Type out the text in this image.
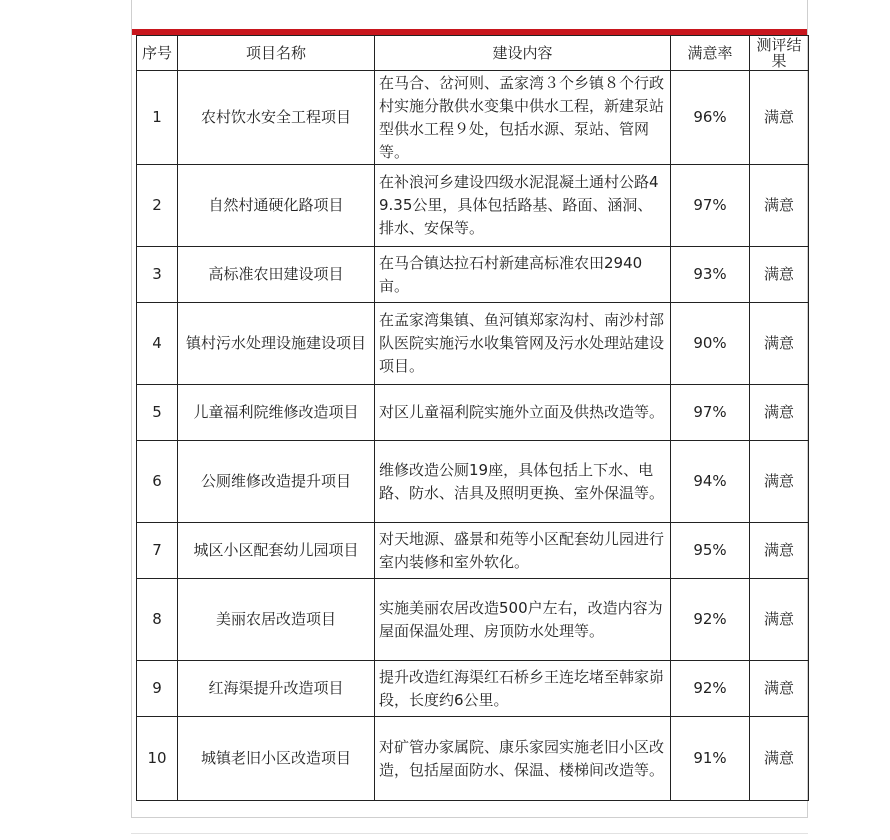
序号	项目名称	建设内容	满意率	测评结果
1	农村饮水安全工程项目	在马合、岔河则、孟家湾３个乡镇８个行政村实施分散供水变集中供水工程，新建泵站型供水工程９处，包括水源、泵站、管网等。	96%	满意
2	自然村通硬化路项目	在补浪河乡建设四级水泥混凝土通村公路49.35公里，具体包括路基、路面、涵洞、排水、安保等。	97%	满意
3	高标准农田建设项目	在马合镇达拉石村新建高标准农田2940亩。	93%	满意
4	镇村污水处理设施建设项目	在孟家湾集镇、鱼河镇郑家沟村、南沙村部队医院实施污水收集管网及污水处理站建设项目。	90%	满意
5	儿童福利院维修改造项目	对区儿童福利院实施外立面及供热改造等。	97%	满意
6	公厕维修改造提升项目	维修改造公厕19座，具体包括上下水、电路、防水、洁具及照明更换、室外保温等。	94%	满意
7	城区小区配套幼儿园项目	对天地源、盛景和苑等小区配套幼儿园进行室内装修和室外软化。	95%	满意
8	美丽农居改造项目	实施美丽农居改造500户左右，改造内容为屋面保温处理、房顶防水处理等。	92%	满意
9	红海渠提升改造项目	提升改造红海渠红石桥乡王连圪堵至韩家峁段，长度约6公里。	92%	满意
10	城镇老旧小区改造项目	对矿管办家属院、康乐家园实施老旧小区改造，包括屋面防水、保温、楼梯间改造等。	91%	满意
